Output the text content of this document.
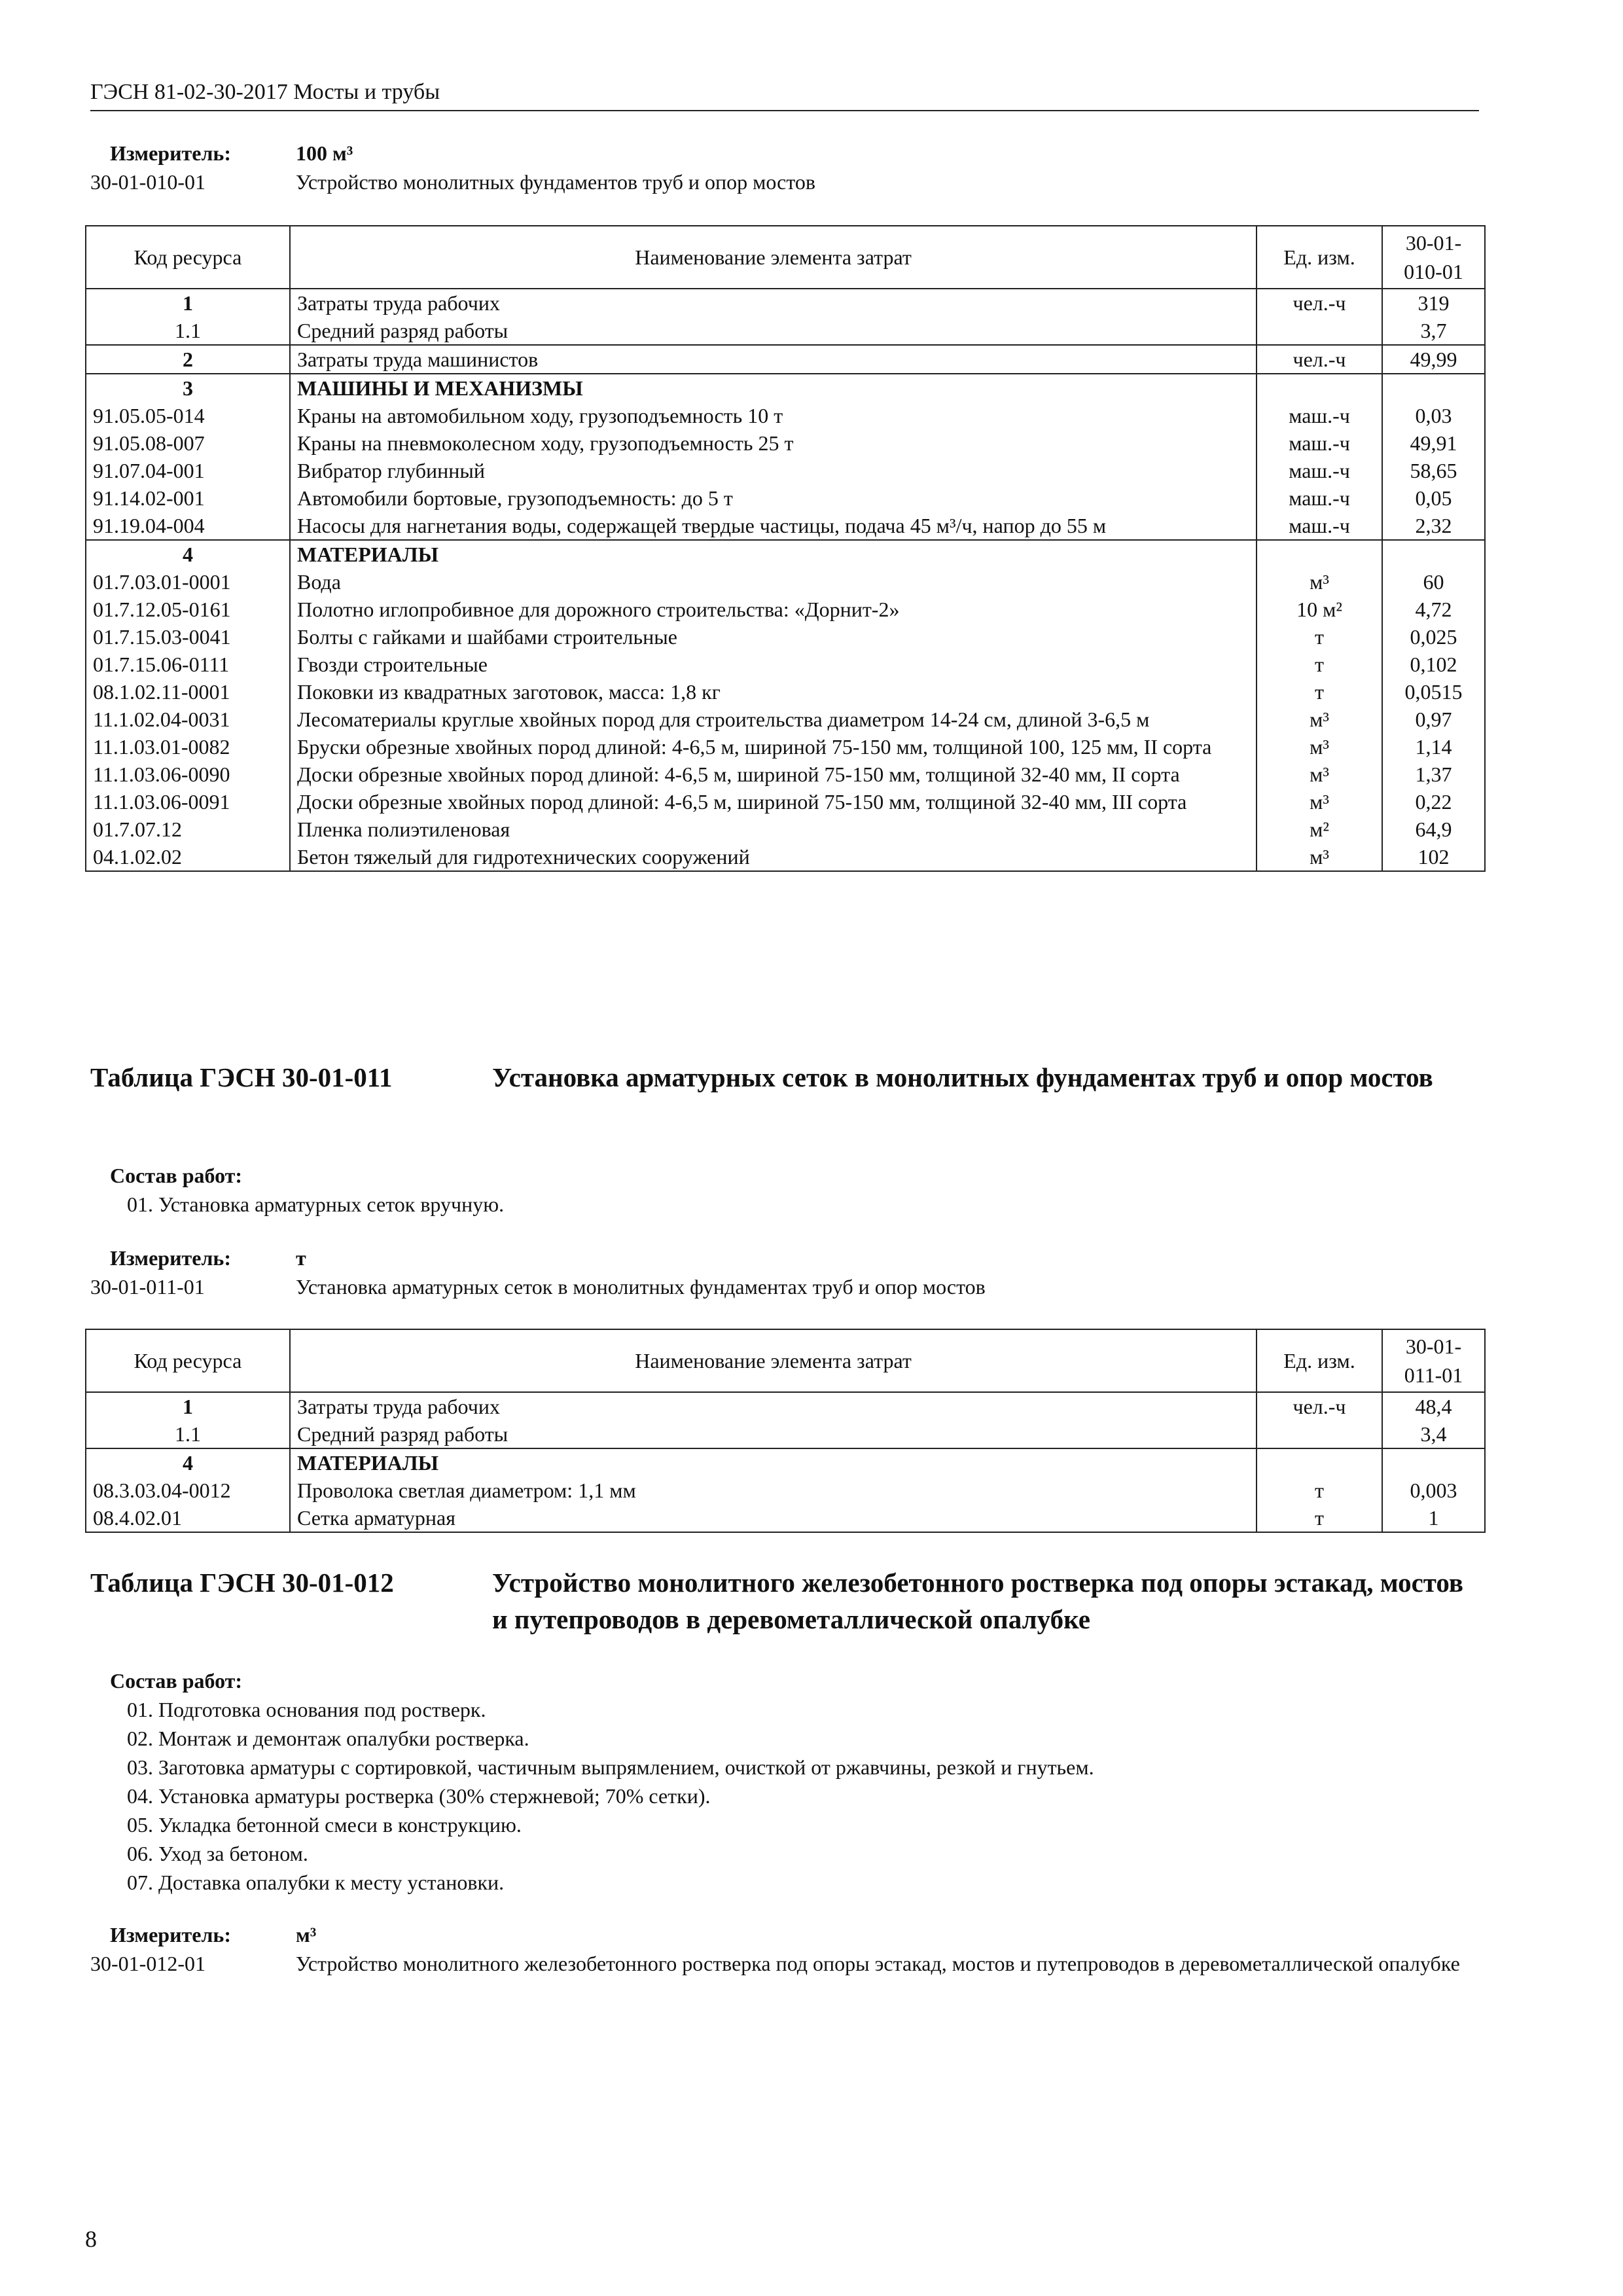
ГЭСН 81-02-30-2017 Мосты и трубы
Измеритель:	100 м³
30-01-010-01	Устройство монолитных фундаментов труб и опор мостов
Код ресурса	Наименование элемента затрат	Ед. изм.	30-01-
010-01
1	Затраты труда рабочих	чел.-ч	319
1.1	Средний разряд работы		3,7
2	Затраты труда машинистов	чел.-ч	49,99
3	МАШИНЫ И МЕХАНИЗМЫ		
91.05.05-014	Краны на автомобильном ходу, грузоподъемность 10 т	маш.-ч	0,03
91.05.08-007	Краны на пневмоколесном ходу, грузоподъемность 25 т	маш.-ч	49,91
91.07.04-001	Вибратор глубинный	маш.-ч	58,65
91.14.02-001	Автомобили бортовые, грузоподъемность: до 5 т	маш.-ч	0,05
91.19.04-004	Насосы для нагнетания воды, содержащей твердые частицы, подача 45 м³/ч, напор до 55 м	маш.-ч	2,32
4	МАТЕРИАЛЫ		
01.7.03.01-0001	Вода	м³	60
01.7.12.05-0161	Полотно иглопробивное для дорожного строительства: «Дорнит-2»	10 м²	4,72
01.7.15.03-0041	Болты с гайками и шайбами строительные	т	0,025
01.7.15.06-0111	Гвозди строительные	т	0,102
08.1.02.11-0001	Поковки из квадратных заготовок, масса: 1,8 кг	т	0,0515
11.1.02.04-0031	Лесоматериалы круглые хвойных пород для строительства диаметром 14-24 см, длиной 3-6,5 м	м³	0,97
11.1.03.01-0082	Бруски обрезные хвойных пород длиной: 4-6,5 м, шириной 75-150 мм, толщиной 100, 125 мм, II сорта	м³	1,14
11.1.03.06-0090	Доски обрезные хвойных пород длиной: 4-6,5 м, шириной 75-150 мм, толщиной 32-40 мм, II сорта	м³	1,37
11.1.03.06-0091	Доски обрезные хвойных пород длиной: 4-6,5 м, шириной 75-150 мм, толщиной 32-40 мм, III сорта	м³	0,22
01.7.07.12	Пленка полиэтиленовая	м²	64,9
04.1.02.02	Бетон тяжелый для гидротехнических сооружений	м³	102
Таблица ГЭСН 30-01-011	Установка арматурных сеток в монолитных фундаментах труб и опор мостов
Состав работ:
01. Установка арматурных сеток вручную.
Измеритель:	т
30-01-011-01	Установка арматурных сеток в монолитных фундаментах труб и опор мостов
Код ресурса	Наименование элемента затрат	Ед. изм.	30-01-
011-01
1	Затраты труда рабочих	чел.-ч	48,4
1.1	Средний разряд работы		3,4
4	МАТЕРИАЛЫ		
08.3.03.04-0012	Проволока светлая диаметром: 1,1 мм	т	0,003
08.4.02.01	Сетка арматурная	т	1
Таблица ГЭСН 30-01-012	Устройство монолитного железобетонного ростверка под опоры эстакад, мостов и путепроводов в деревометаллической опалубке
Состав работ:
01. Подготовка основания под ростверк.
02. Монтаж и демонтаж опалубки ростверка.
03. Заготовка арматуры с сортировкой, частичным выпрямлением, очисткой от ржавчины, резкой и гнутьем.
04. Установка арматуры ростверка (30% стержневой; 70% сетки).
05. Укладка бетонной смеси в конструкцию.
06. Уход за бетоном.
07. Доставка опалубки к месту установки.
Измеритель:	м³
30-01-012-01	Устройство монолитного железобетонного ростверка под опоры эстакад, мостов и путепроводов в деревометаллической опалубке
8
